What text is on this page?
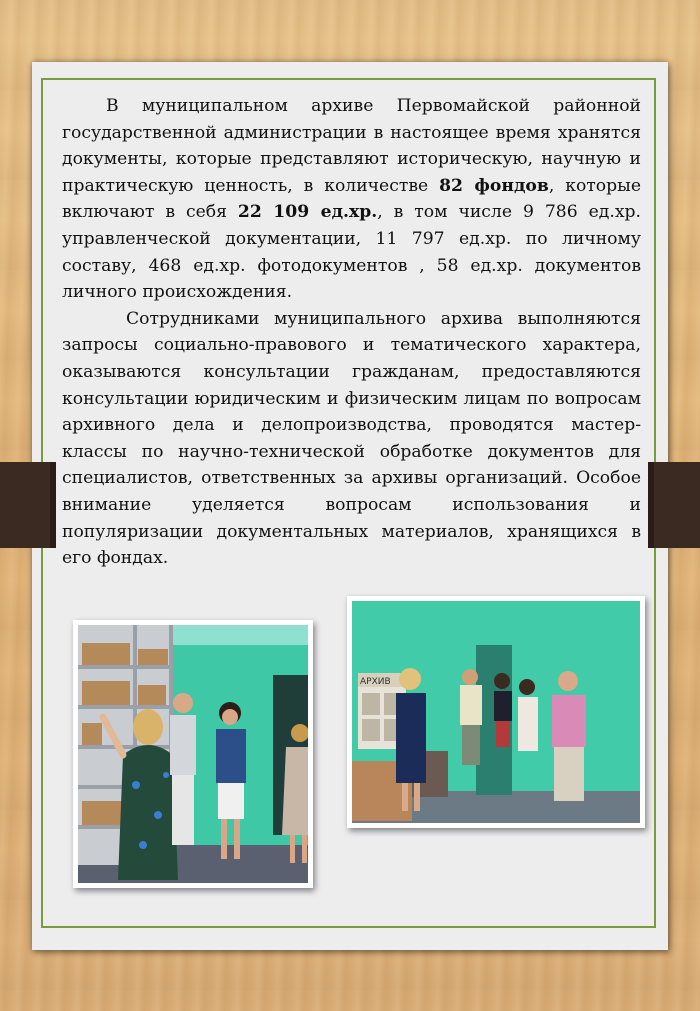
В муниципальном архиве Первомайской районной государственной администрации в настоящее время хранятся документы, которые представляют историческую, научную и практическую ценность, в количестве 82 фондов, которые включают в себя 22 109 ед.хр., в том числе 9 786 ед.хр. управленческой документации, 11 797 ед.хр. по личному составу, 468 ед.хр. фотодокументов , 58 ед.хр. документов личного происхождения.

Сотрудниками муниципального архива выполняются запросы социально-правового и тематического характера, оказываются консультации гражданам, предоставляются консультации юридическим и физическим лицам по вопросам архивного дела и делопроизводства, проводятся мастер-классы по научно-технической обработке документов для специалистов, ответственных за архивы организаций. Особое внимание уделяется вопросам использования и популяризации документальных материалов, хранящихся в его фондах.

АРХИВ
